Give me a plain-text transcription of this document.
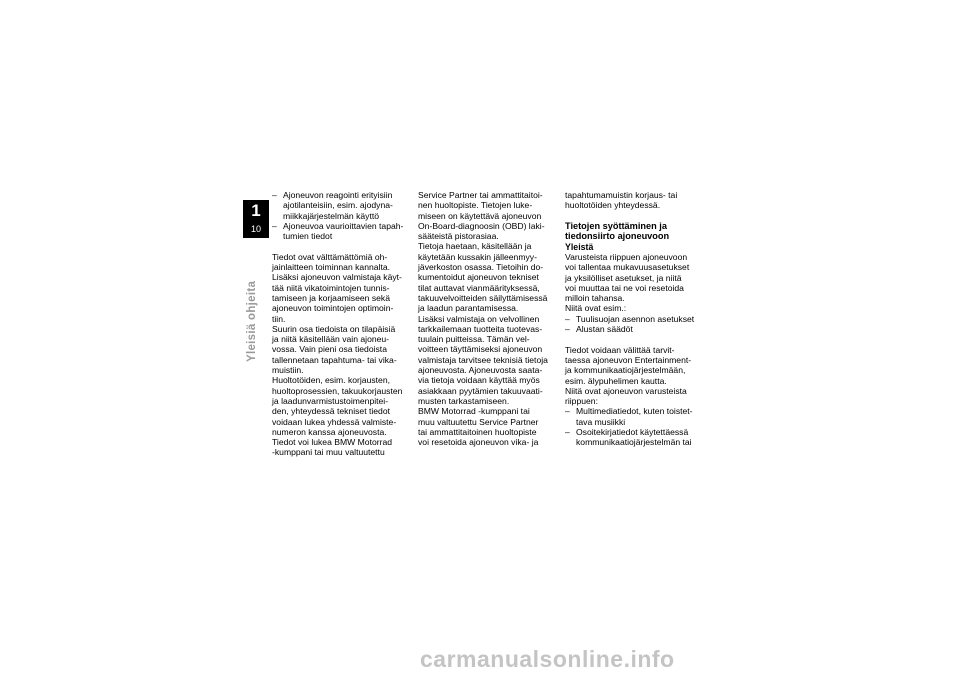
1
10
Yleisiä ohjeita
– Ajoneuvon reagointi erityisiin
ajotilanteisiin, esim. ajodyna-
miikkajärjestelmän käyttö
– Ajoneuvoa vaurioittavien tapah-
tumien tiedot
Tiedot ovat välttämättömiä oh-
jainlaitteen toiminnan kannalta.
Lisäksi ajoneuvon valmistaja käyt-
tää niitä vikatoimintojen tunnis-
tamiseen ja korjaamiseen sekä
ajoneuvon toimintojen optimoin-
tiin.
Suurin osa tiedoista on tilapäisiä
ja niitä käsitellään vain ajoneu-
vossa. Vain pieni osa tiedoista
tallennetaan tapahtuma- tai vika-
muistiin.
Huoltotöiden, esim. korjausten,
huoltoprosessien, takuukorjausten
ja laadunvarmistustoimenpitei-
den, yhteydessä tekniset tiedot
voidaan lukea yhdessä valmiste-
numeron kanssa ajoneuvosta.
Tiedot voi lukea BMW Motorrad
-kumppani tai muu valtuutettu
Service Partner tai ammattitaitoi-
nen huoltopiste. Tietojen luke-
miseen on käytettävä ajoneuvon
On-Board-diagnoosin (OBD) laki-
sääteistä pistorasiaa.
Tietoja haetaan, käsitellään ja
käytetään kussakin jälleenmyy-
jäverkoston osassa. Tietoihin do-
kumentoidut ajoneuvon tekniset
tilat auttavat vianmäärityksessä,
takuuvelvoitteiden säilyttämisessä
ja laadun parantamisessa.
Lisäksi valmistaja on velvollinen
tarkkailemaan tuotteita tuotevas-
tuulain puitteissa. Tämän vel-
voitteen täyttämiseksi ajoneuvon
valmistaja tarvitsee teknisiä tietoja
ajoneuvosta. Ajoneuvosta saata-
via tietoja voidaan käyttää myös
asiakkaan pyytämien takuuvaati-
musten tarkastamiseen.
BMW Motorrad -kumppani tai
muu valtuutettu Service Partner
tai ammattitaitoinen huoltopiste
voi resetoida ajoneuvon vika- ja
tapahtumamuistin korjaus- tai
huoltotöiden yhteydessä.
Tietojen syöttäminen ja
tiedonsiirto ajoneuvoon
Yleistä
Varusteista riippuen ajoneuvoon
voi tallentaa mukavuusasetukset
ja yksilölliset asetukset, ja niitä
voi muuttaa tai ne voi resetoida
milloin tahansa.
Niitä ovat esim.:
– Tuulisuojan asennon asetukset
– Alustan säädöt
Tiedot voidaan välittää tarvit-
taessa ajoneuvon Entertainment-
ja kommunikaatiojärjestelmään,
esim. älypuhelimen kautta.
Niitä ovat ajoneuvon varusteista
riippuen:
– Multimediatiedot, kuten toistet-
tava musiikki
– Osoitekirjatiedot käytettäessä
kommunikaatiojärjestelmän tai
carmanualsonline.info
